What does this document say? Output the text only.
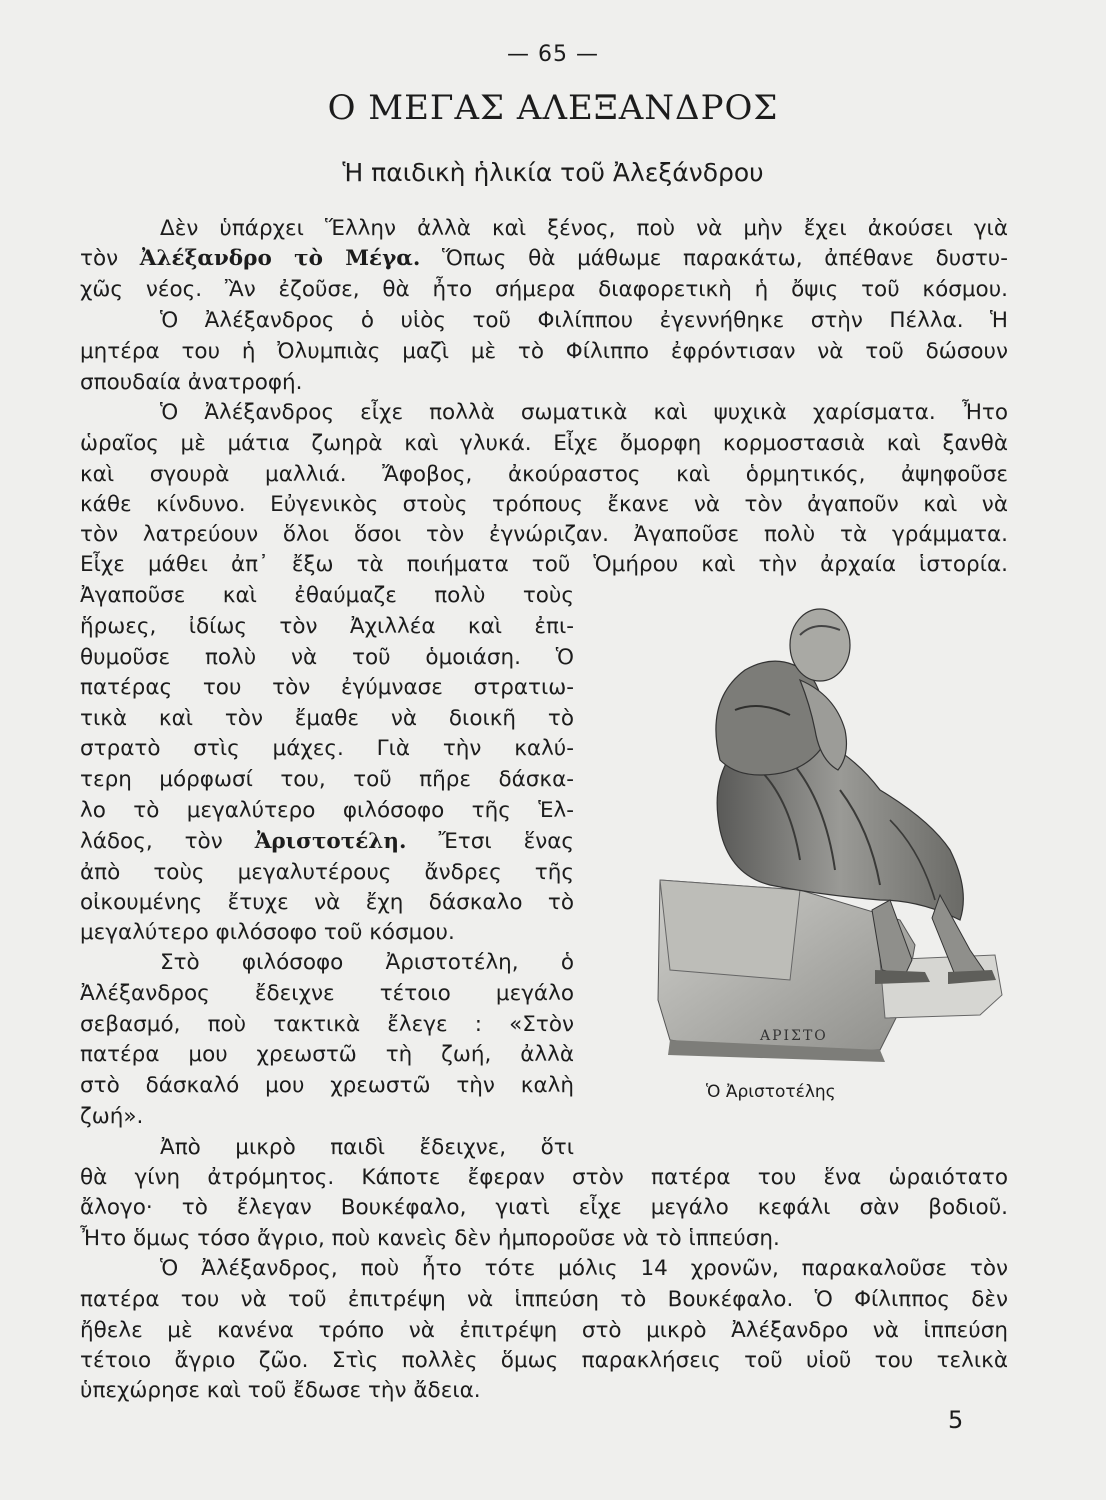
— 65 —
Ο ΜΕΓΑΣ ΑΛΕΞΑΝΔΡΟΣ
Ἡ παιδικὴ ἡλικία τοῦ Ἀλεξάνδρου
Δὲν ὑπάρχει Ἕλλην ἀλλὰ καὶ ξένος, ποὺ νὰ μὴν ἔχει ἀκούσει γιὰ
τὸν Ἀλέξανδρο τὸ Μέγα. Ὅπως θὰ μάθωμε παρακάτω, ἀπέθανε δυστυ-
χῶς νέος. Ἂν ἐζοῦσε, θὰ ἦτο σήμερα διαφορετικὴ ἡ ὄψις τοῦ κόσμου.
Ὁ Ἀλέξανδρος ὁ υἱὸς τοῦ Φιλίππου ἐγεννήθηκε στὴν Πέλλα. Ἡ
μητέρα του ἡ Ὀλυμπιὰς μαζὶ μὲ τὸ Φίλιππο ἐφρόντισαν νὰ τοῦ δώσουν
σπουδαία ἀνατροφή.
Ὁ Ἀλέξανδρος εἶχε πολλὰ σωματικὰ καὶ ψυχικὰ χαρίσματα. Ἦτο
ὡραῖος μὲ μάτια ζωηρὰ καὶ γλυκά. Εἶχε ὄμορφη κορμοστασιὰ καὶ ξανθὰ
καὶ σγουρὰ μαλλιά. Ἄφοβος, ἀκούραστος καὶ ὁρμητικός, ἀψηφοῦσε
κάθε κίνδυνο. Εὐγενικὸς στοὺς τρόπους ἔκανε νὰ τὸν ἀγαποῦν καὶ νὰ
τὸν λατρεύουν ὅλοι ὅσοι τὸν ἐγνώριζαν. Ἀγαποῦσε πολὺ τὰ γράμματα.
Εἶχε μάθει ἀπ᾿ ἔξω τὰ ποιήματα τοῦ Ὁμήρου καὶ τὴν ἀρχαία ἱστορία.
Ἀγαποῦσε καὶ ἐθαύμαζε πολὺ τοὺς
ἥρωες, ἰδίως τὸν Ἀχιλλέα καὶ ἐπι-
θυμοῦσε πολὺ νὰ τοῦ ὁμοιάση. Ὁ
πατέρας του τὸν ἐγύμνασε στρατιω-
τικὰ καὶ τὸν ἔμαθε νὰ διοικῆ τὸ
στρατὸ στὶς μάχες. Γιὰ τὴν καλύ-
τερη μόρφωσί του, τοῦ πῆρε δάσκα-
λο τὸ μεγαλύτερο φιλόσοφο τῆς Ἑλ-
λάδος, τὸν Ἀριστοτέλη. Ἔτσι ἕνας
ἀπὸ τοὺς μεγαλυτέρους ἄνδρες τῆς
οἰκουμένης ἔτυχε νὰ ἔχη δάσκαλο τὸ
μεγαλύτερο φιλόσοφο τοῦ κόσμου.
Στὸ φιλόσοφο Ἀριστοτέλη, ὁ
Ἀλέξανδρος ἔδειχνε τέτοιο μεγάλο
σεβασμό, ποὺ τακτικὰ ἔλεγε : «Στὸν
πατέρα μου χρεωστῶ τὴ ζωή, ἀλλὰ
στὸ δάσκαλό μου χρεωστῶ τὴν καλὴ
ζωή».
Ἀπὸ μικρὸ παιδὶ ἔδειχνε, ὅτι
θὰ γίνη ἀτρόμητος. Κάποτε ἔφεραν στὸν πατέρα του ἕνα ὡραιότατο
ἄλογο· τὸ ἔλεγαν Βουκέφαλο, γιατὶ εἶχε μεγάλο κεφάλι σὰν βοδιοῦ.
Ἦτο ὅμως τόσο ἄγριο, ποὺ κανεὶς δὲν ἠμποροῦσε νὰ τὸ ἱππεύση.
Ὁ Ἀλέξανδρος, ποὺ ἦτο τότε μόλις 14 χρονῶν, παρακαλοῦσε τὸν
πατέρα του νὰ τοῦ ἐπιτρέψη νὰ ἱππεύση τὸ Βουκέφαλο. Ὁ Φίλιππος δὲν
ἤθελε μὲ κανένα τρόπο νὰ ἐπιτρέψη στὸ μικρὸ Ἀλέξανδρο νὰ ἱππεύση
τέτοιο ἄγριο ζῶο. Στὶς πολλὲς ὅμως παρακλήσεις τοῦ υἱοῦ του τελικὰ
ὑπεχώρησε καὶ τοῦ ἔδωσε τὴν ἄδεια.
ΑΡΙΣΤΟ
Ὁ Ἀριστοτέλης
5
